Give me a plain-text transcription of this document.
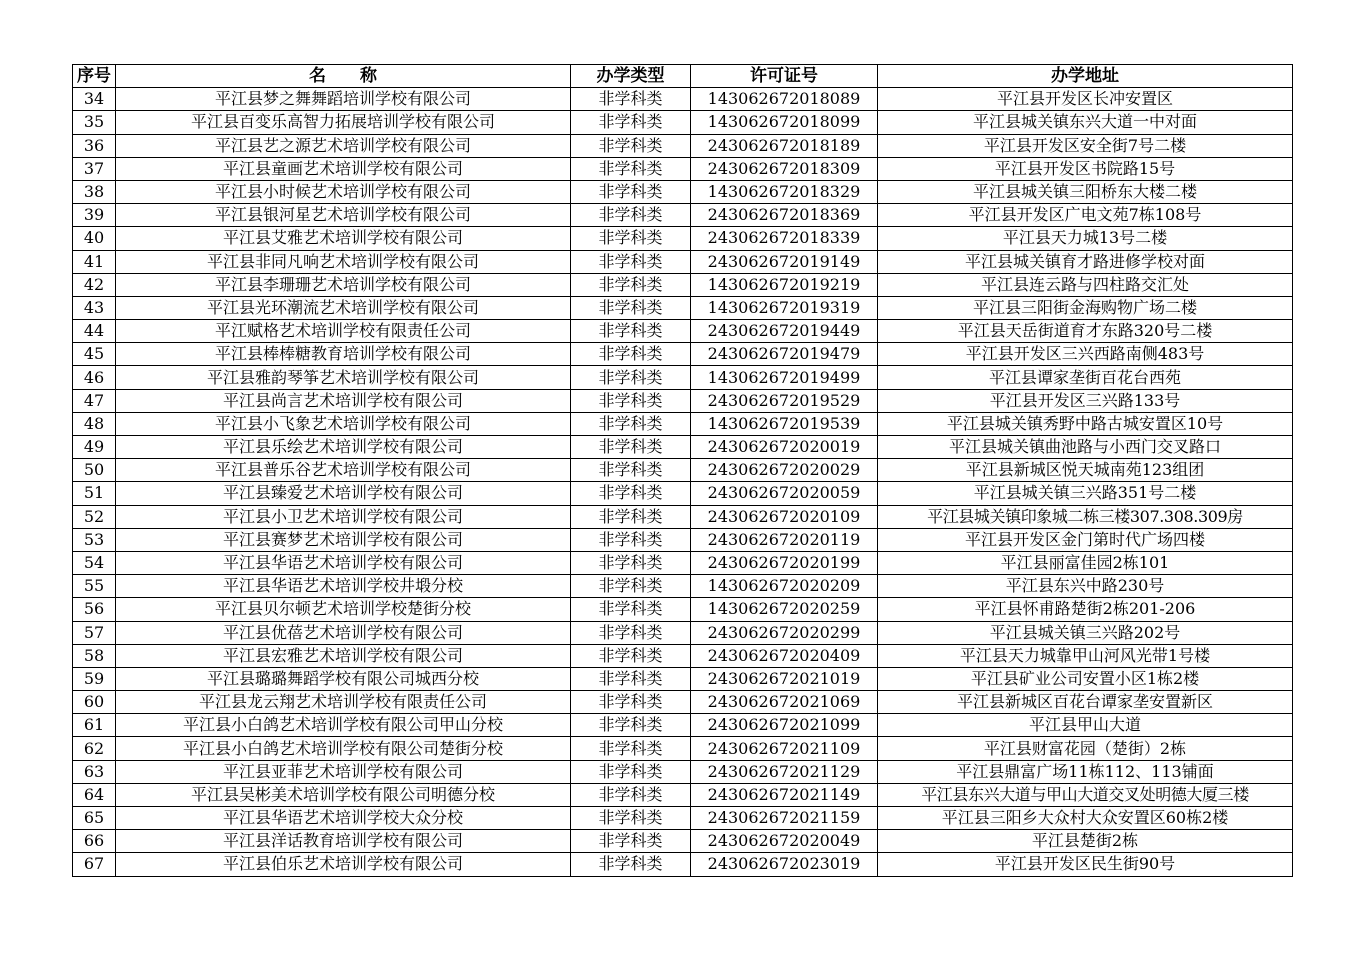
序号	名　　称	办学类型	许可证号	办学地址
34	平江县梦之舞舞蹈培训学校有限公司	非学科类	143062672018089	平江县开发区长冲安置区
35	平江县百变乐高智力拓展培训学校有限公司	非学科类	143062672018099	平江县城关镇东兴大道一中对面
36	平江县艺之源艺术培训学校有限公司	非学科类	243062672018189	平江县开发区安全街7号二楼
37	平江县童画艺术培训学校有限公司	非学科类	243062672018309	平江县开发区书院路15号
38	平江县小时候艺术培训学校有限公司	非学科类	143062672018329	平江县城关镇三阳桥东大楼二楼
39	平江县银河星艺术培训学校有限公司	非学科类	243062672018369	平江县开发区广电文苑7栋108号
40	平江县艾雅艺术培训学校有限公司	非学科类	243062672018339	平江县天力城13号二楼
41	平江县非同凡响艺术培训学校有限公司	非学科类	243062672019149	平江县城关镇育才路进修学校对面
42	平江县李珊珊艺术培训学校有限公司	非学科类	143062672019219	平江县连云路与四柱路交汇处
43	平江县光环潮流艺术培训学校有限公司	非学科类	143062672019319	平江县三阳街金海购物广场二楼
44	平江赋格艺术培训学校有限责任公司	非学科类	243062672019449	平江县天岳街道育才东路320号二楼
45	平江县棒棒糖教育培训学校有限公司	非学科类	243062672019479	平江县开发区三兴西路南侧483号
46	平江县雅韵琴筝艺术培训学校有限公司	非学科类	143062672019499	平江县谭家垄街百花台西苑
47	平江县尚言艺术培训学校有限公司	非学科类	243062672019529	平江县开发区三兴路133号
48	平江县小飞象艺术培训学校有限公司	非学科类	143062672019539	平江县城关镇秀野中路古城安置区10号
49	平江县乐绘艺术培训学校有限公司	非学科类	243062672020019	平江县城关镇曲池路与小西门交叉路口
50	平江县普乐谷艺术培训学校有限公司	非学科类	243062672020029	平江县新城区悦天城南苑123组团
51	平江县臻爱艺术培训学校有限公司	非学科类	243062672020059	平江县城关镇三兴路351号二楼
52	平江县小卫艺术培训学校有限公司	非学科类	243062672020109	平江县城关镇印象城二栋三楼307.308.309房
53	平江县赛梦艺术培训学校有限公司	非学科类	243062672020119	平江县开发区金门第时代广场四楼
54	平江县华语艺术培训学校有限公司	非学科类	243062672020199	平江县丽富佳园2栋101
55	平江县华语艺术培训学校井塅分校	非学科类	143062672020209	平江县东兴中路230号
56	平江县贝尔顿艺术培训学校楚街分校	非学科类	143062672020259	平江县怀甫路楚街2栋201-206
57	平江县优蓓艺术培训学校有限公司	非学科类	243062672020299	平江县城关镇三兴路202号
58	平江县宏雅艺术培训学校有限公司	非学科类	243062672020409	平江县天力城靠甲山河风光带1号楼
59	平江县璐璐舞蹈学校有限公司城西分校	非学科类	243062672021019	平江县矿业公司安置小区1栋2楼
60	平江县龙云翔艺术培训学校有限责任公司	非学科类	243062672021069	平江县新城区百花台谭家垄安置新区
61	平江县小白鸽艺术培训学校有限公司甲山分校	非学科类	243062672021099	平江县甲山大道
62	平江县小白鸽艺术培训学校有限公司楚街分校	非学科类	243062672021109	平江县财富花园（楚街）2栋
63	平江县亚菲艺术培训学校有限公司	非学科类	243062672021129	平江县鼎富广场11栋112、113铺面
64	平江县吴彬美术培训学校有限公司明德分校	非学科类	243062672021149	平江县东兴大道与甲山大道交叉处明德大厦三楼
65	平江县华语艺术培训学校大众分校	非学科类	243062672021159	平江县三阳乡大众村大众安置区60栋2楼
66	平江县洋话教育培训学校有限公司	非学科类	243062672020049	平江县楚街2栋
67	平江县伯乐艺术培训学校有限公司	非学科类	243062672023019	平江县开发区民生街90号
